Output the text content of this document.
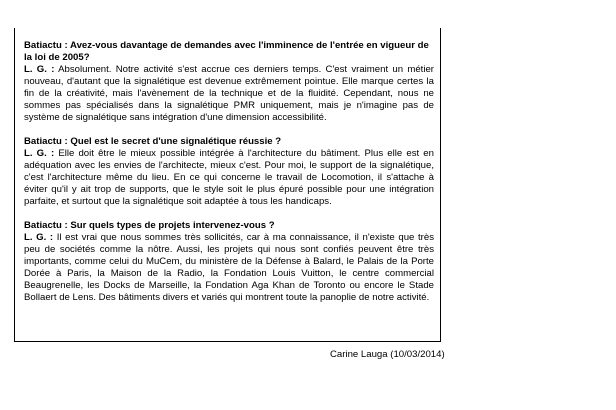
Batiactu : Avez-vous davantage de demandes avec l'imminence de l'entrée en vigueur de la loi de 2005?

L. G. : Absolument. Notre activité s'est accrue ces derniers temps. C'est vraiment un métier nouveau, d'autant que la signalétique est devenue extrêmement pointue. Elle marque certes la fin de la créativité, mais l'avènement de la technique et de la fluidité. Cependant, nous ne sommes pas spécialisés dans la signalétique PMR uniquement, mais je n'imagine pas de système de signalétique sans intégration d'une dimension accessibilité.

Batiactu : Quel est le secret d'une signalétique réussie ?

L. G. : Elle doit être le mieux possible intégrée à l'architecture du bâtiment. Plus elle est en adéquation avec les envies de l'architecte, mieux c'est. Pour moi, le support de la signalétique, c'est l'architecture même du lieu. En ce qui concerne le travail de Locomotion, il s'attache à éviter qu'il y ait trop de supports, que le style soit le plus épuré possible pour une intégration parfaite, et surtout que la signalétique soit adaptée à tous les handicaps.

Batiactu : Sur quels types de projets intervenez-vous ?

L. G. : Il est vrai que nous sommes très sollicités, car à ma connaissance, il n'existe que très peu de sociétés comme la nôtre. Aussi, les projets qui nous sont confiés peuvent être très importants, comme celui du MuCem, du ministère de la Défense à Balard, le Palais de la Porte Dorée à Paris, la Maison de la Radio, la Fondation Louis Vuitton, le centre commercial Beaugrenelle, les Docks de Marseille, la Fondation Aga Khan de Toronto ou encore le Stade Bollaert de Lens. Des bâtiments divers et variés qui montrent toute la panoplie de notre activité.

Carine Lauga (10/03/2014)
